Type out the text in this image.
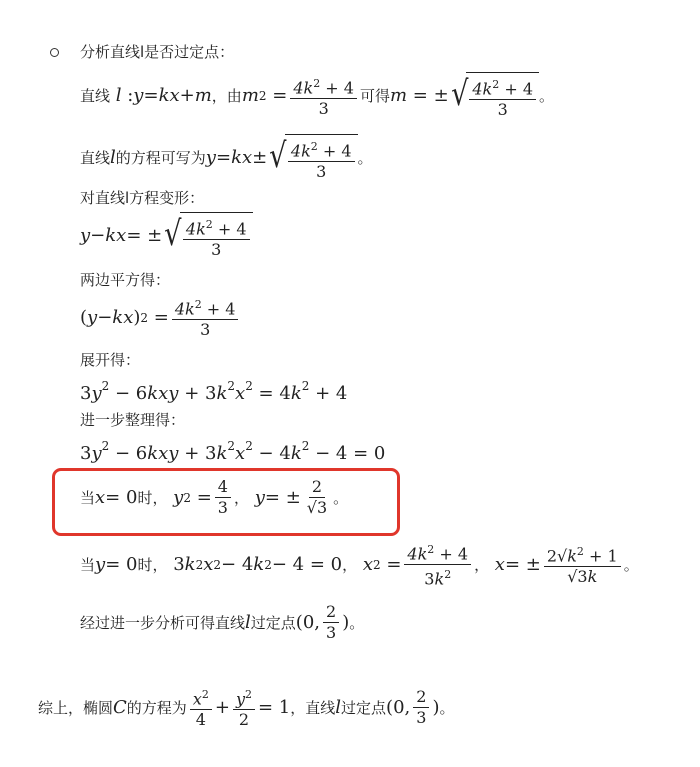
分析直线l是否过定点：
直线 l : y = kx + m ，由 m $2 = \frac{4k^2 + 4}{3}$ 可得 m = ± √ $\frac{4k^2 + 4}{3}$ 。
直线 l 的方程可写为 y = kx ± √ $\frac{4k^2 + 4}{3}$ 。
对直线l方程变形：
y − kx = ± √ $\frac{4k^2 + 4}{3}$
两边平方得：
( y − kx ) $2 = \frac{4k^2 + 4}{3}$
展开得：
$3y^2 - 6kxy + 3k^2x^2 = 4k^2 + 4$
进一步整理得：
$3y^2 - 6kxy + 3k^2x^2 - 4k^2 - 4 = 0$
当 x = 0 时， y $2 = \frac{4}{3}$ ， y = ± $\frac{2}{√3}$ 。
当 y = 0 时， 3 k 2 x 2 − 4 k 2 − 4 = 0 ， x $2 = \frac{4k^2 + 4}{3k^2}$ ， x = ± $\frac{2√k^2 + 1}{√3k}$ 。
经过进一步分析可得直线 l 过定点 (0, $\frac{2}{3}$ ) 。
综上，椭圆 C 的方程为 $\frac{x^2}{4} + \frac{y^2}{2} = 1$ ，直线 l 过定点 (0, $\frac{2}{3}$ ) 。
